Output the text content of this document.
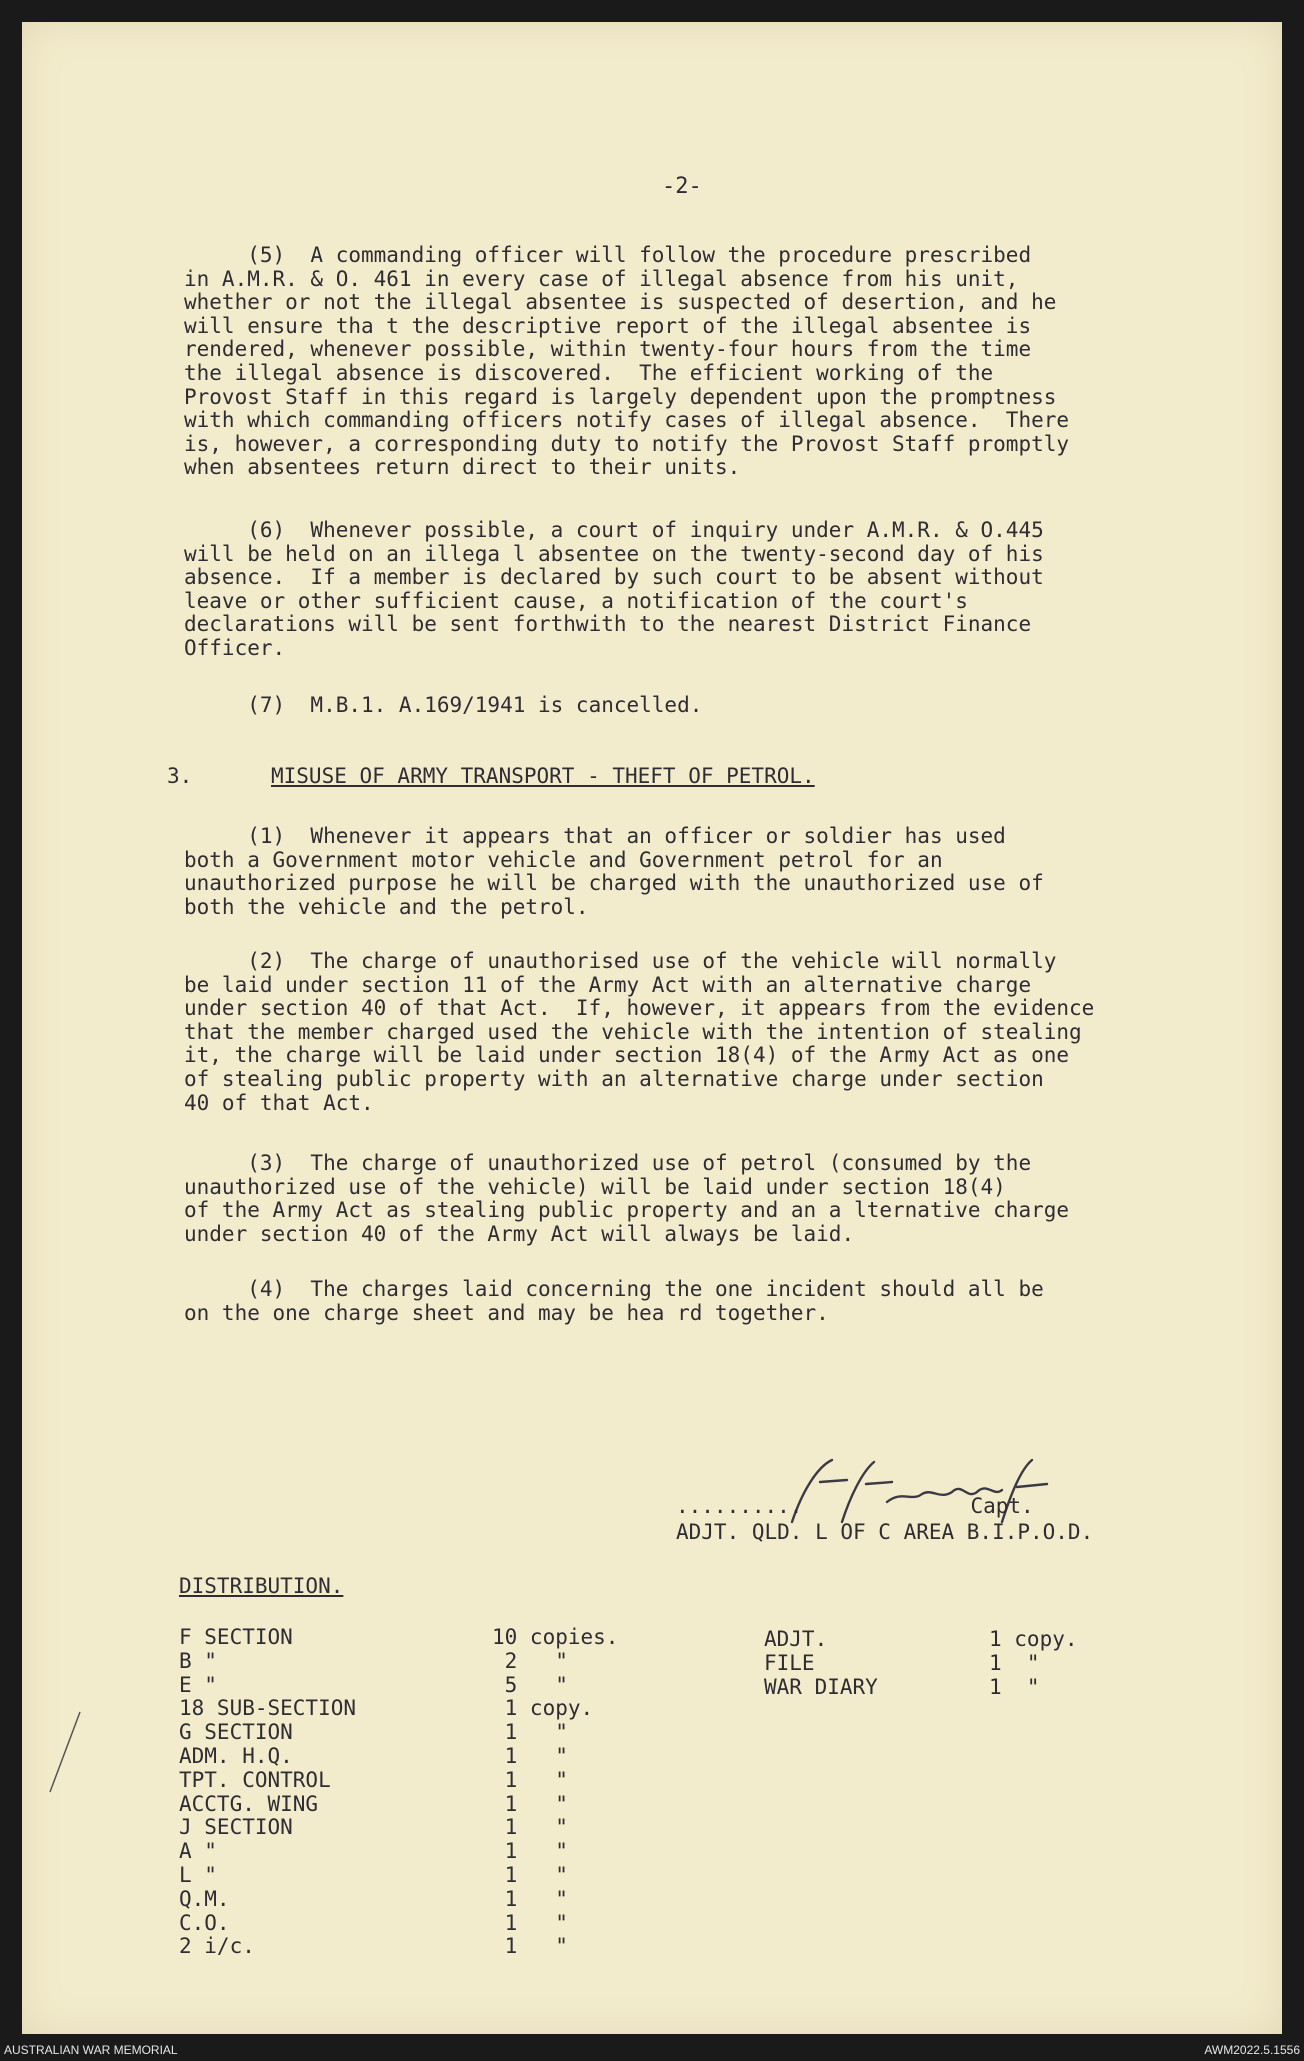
-2-
(5)  A commanding officer will follow the procedure prescribed
in A.M.R. & O. 461 in every case of illegal absence from his unit,
whether or not the illegal absentee is suspected of desertion, and he
will ensure tha t the descriptive report of the illegal absentee is
rendered, whenever possible, within twenty-four hours from the time
the illegal absence is discovered.  The efficient working of the
Provost Staff in this regard is largely dependent upon the promptness
with which commanding officers notify cases of illegal absence.  There
is, however, a corresponding duty to notify the Provost Staff promptly
when absentees return direct to their units.
(6)  Whenever possible, a court of inquiry under A.M.R. & O.445
will be held on an illega l absentee on the twenty-second day of his
absence.  If a member is declared by such court to be absent without
leave or other sufficient cause, a notification of the court's
declarations will be sent forthwith to the nearest District Finance
Officer.
(7)  M.B.1. A.169/1941 is cancelled.
3.	MISUSE OF ARMY TRANSPORT - THEFT OF PETROL.
(1)  Whenever it appears that an officer or soldier has used
both a Government motor vehicle and Government petrol for an
unauthorized purpose he will be charged with the unauthorized use of
both the vehicle and the petrol.
(2)  The charge of unauthorised use of the vehicle will normally
be laid under section 11 of the Army Act with an alternative charge
under section 40 of that Act.  If, however, it appears from the evidence
that the member charged used the vehicle with the intention of stealing
it, the charge will be laid under section 18(4) of the Army Act as one
of stealing public property with an alternative charge under section
40 of that Act.
(3)  The charge of unauthorized use of petrol (consumed by the
unauthorized use of the vehicle) will be laid under section 18(4)
of the Army Act as stealing public property and an a lternative charge
under section 40 of the Army Act will always be laid.
(4)  The charges laid concerning the one incident should all be
on the one charge sheet and may be hea rd together.
..........	Capt.
ADJT. QLD. L OF C AREA B.I.P.O.D.
DISTRIBUTION.
F SECTION	10 copies.
B "	2   "
E "	5   "
18 SUB-SECTION	1 copy.
G SECTION	1   "
ADM. H.Q.	1   "
TPT. CONTROL	1   "
ACCTG. WING	1   "
J SECTION	1   "
A "	1   "
L "	1   "
Q.M.	1   "
C.O.	1   "
2 i/c.	1   "
ADJT.	1 copy.
FILE	1  "
WAR DIARY	1  "
AUSTRALIAN WAR MEMORIAL	AWM2022.5.1556
